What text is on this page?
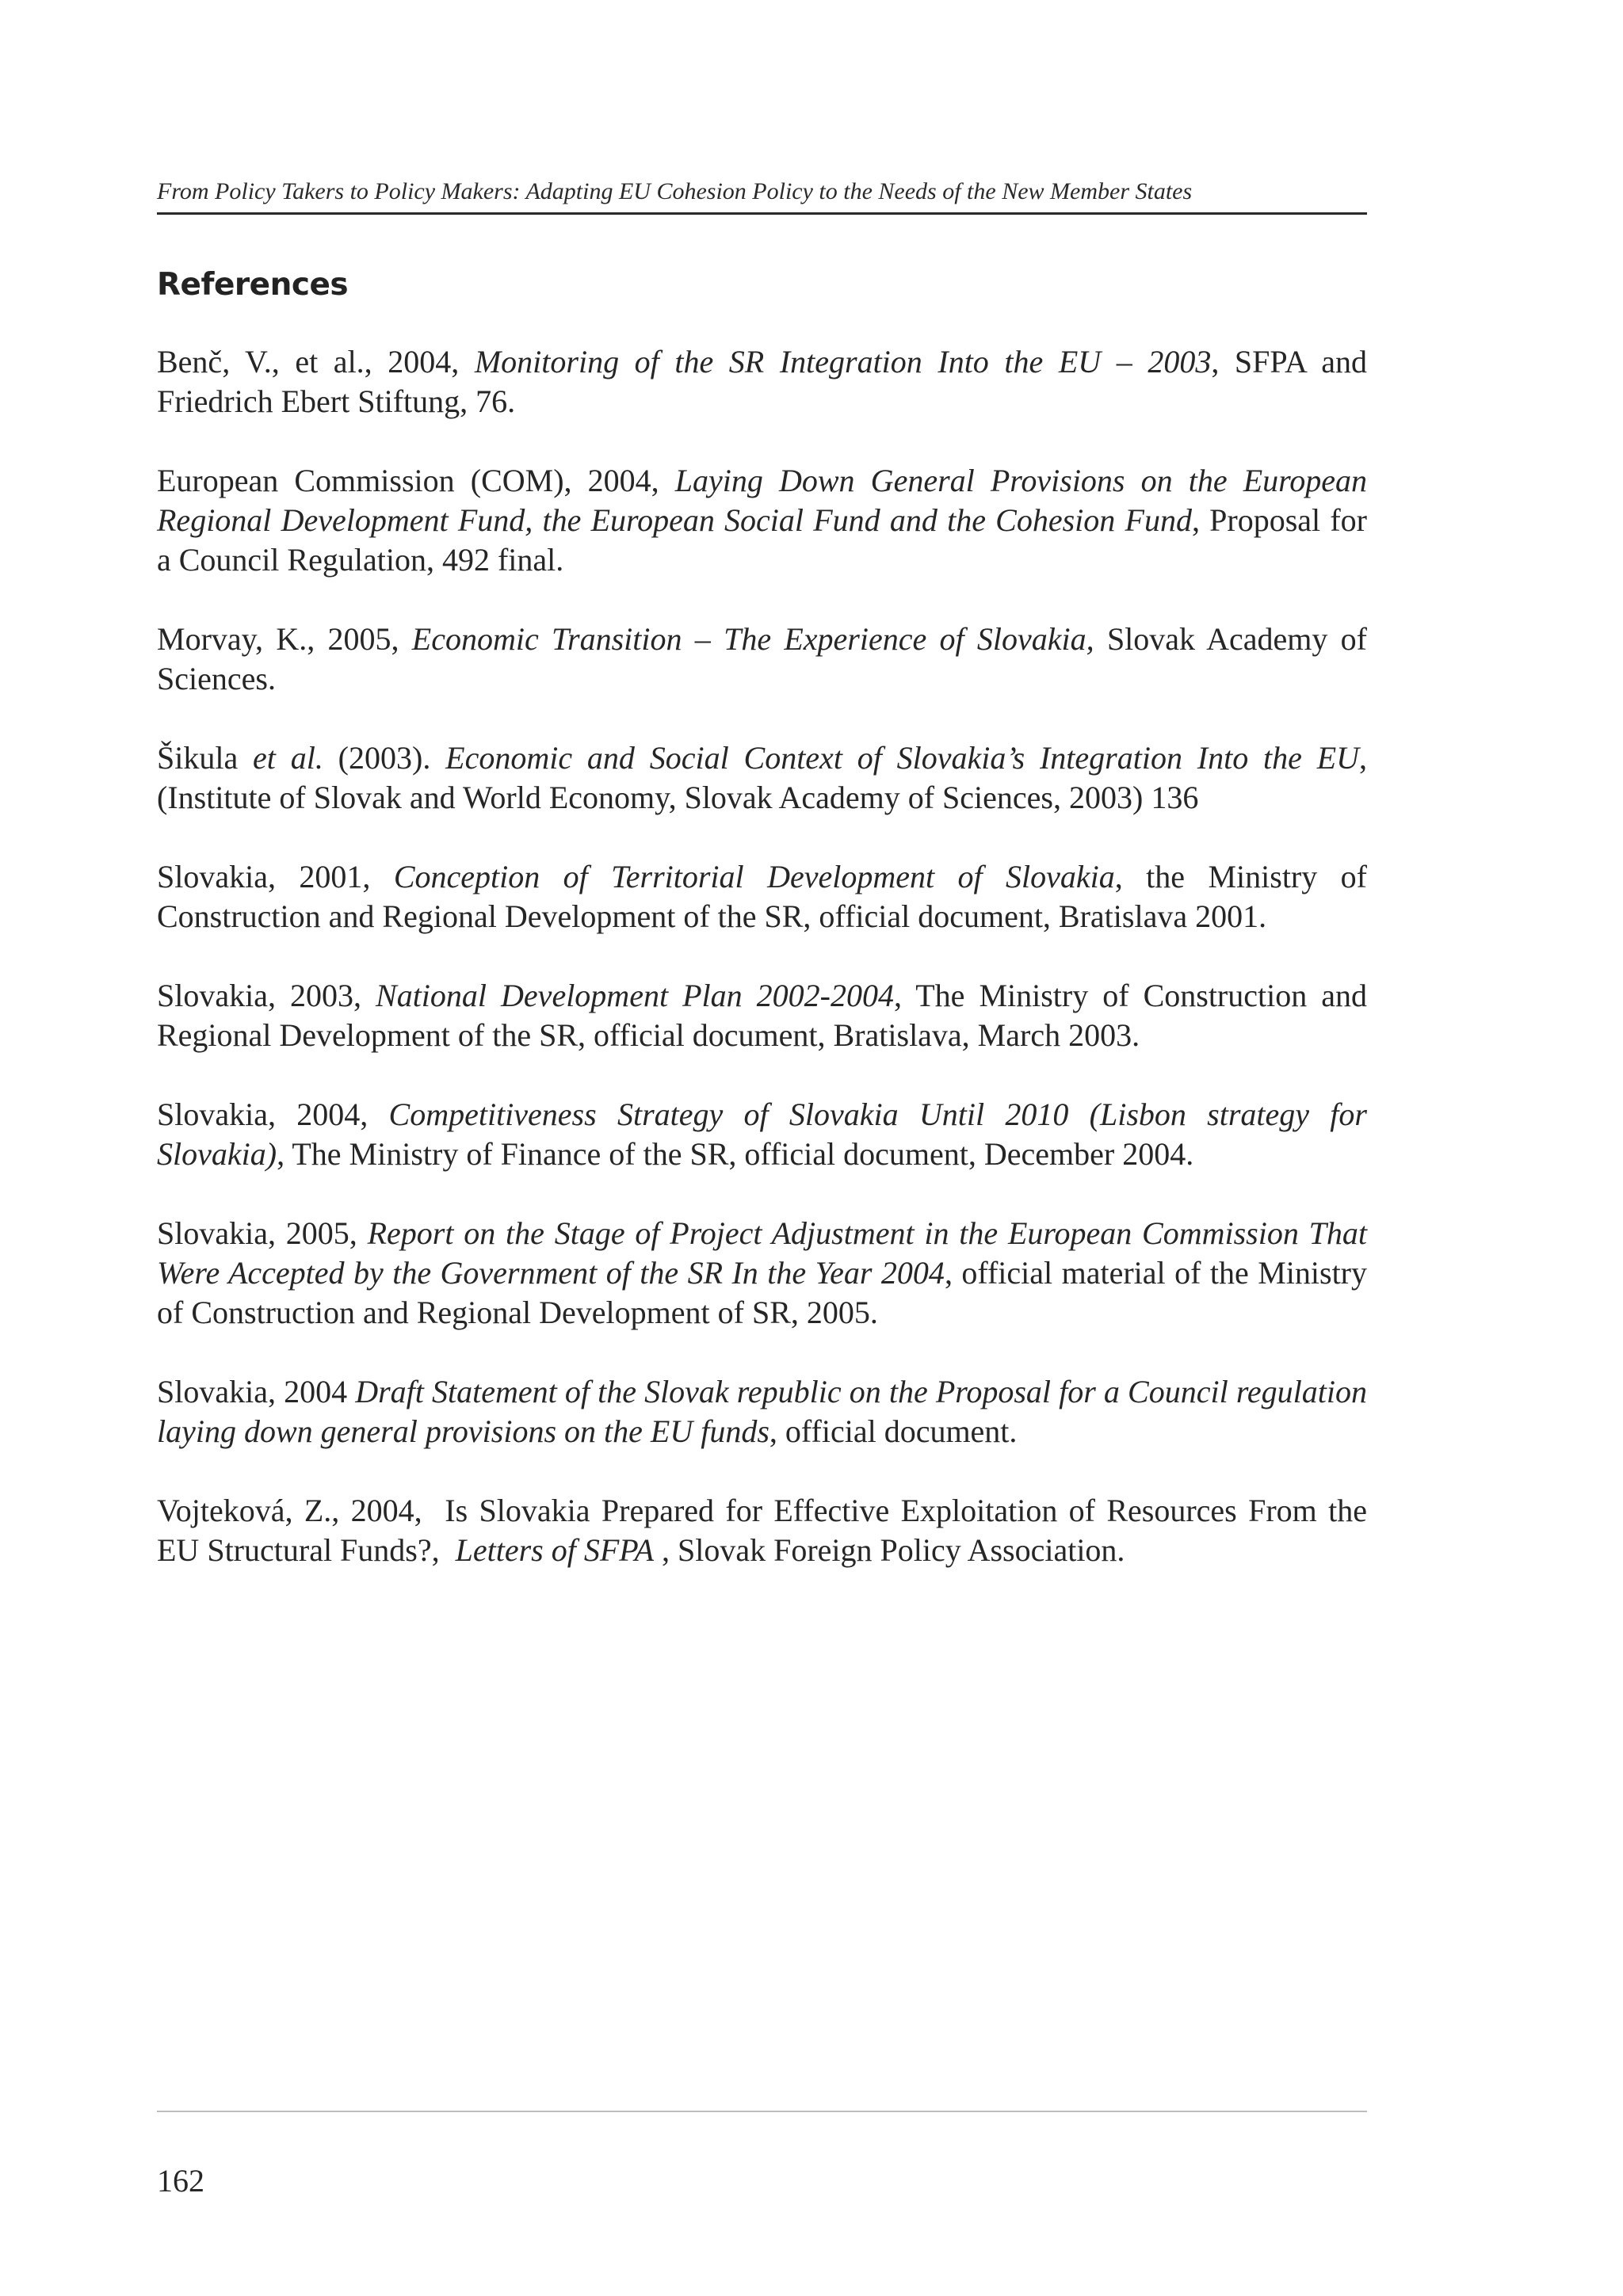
From Policy Takers to Policy Makers: Adapting EU Cohesion Policy to the Needs of the New Member States
References

Benč, V., et al., 2004, Monitoring of the SR Integration Into the EU – 2003, SFPA and Friedrich Ebert Stiftung, 76.

European Commission (COM), 2004, Laying Down General Provisions on the European Regional Development Fund, the European Social Fund and the Cohesion Fund, Proposal for a Council Regulation, 492 final.

Morvay, K., 2005, Economic Transition – The Experience of Slovakia, Slovak Academy of Sciences.

Šikula et al. (2003). Economic and Social Context of Slovakia’s Integration Into the EU, (Institute of Slovak and World Economy, Slovak Academy of Sciences, 2003) 136

Slovakia, 2001, Conception of Territorial Development of Slovakia, the Ministry of Construction and Regional Development of the SR, official document, Bratislava 2001.

Slovakia, 2003, National Development Plan 2002-2004, The Ministry of Construction and Regional Development of the SR, official document, Bratislava, March 2003.

Slovakia, 2004, Competitiveness Strategy of Slovakia Until 2010 (Lisbon strategy for Slovakia), The Ministry of Finance of the SR, official document, December 2004.

Slovakia, 2005, Report on the Stage of Project Adjustment in the European Commission That Were Accepted by the Government of the SR In the Year 2004, official material of the Ministry of Construction and Regional Development of SR, 2005.

Slovakia, 2004 Draft Statement of the Slovak republic on the Proposal for a Council regulation laying down general provisions on the EU funds, official document.

Vojteková, Z., 2004,  Is Slovakia Prepared for Effective Exploitation of Resources From the EU Structural Funds?,  Letters of SFPA , Slovak Foreign Policy Association.

162
